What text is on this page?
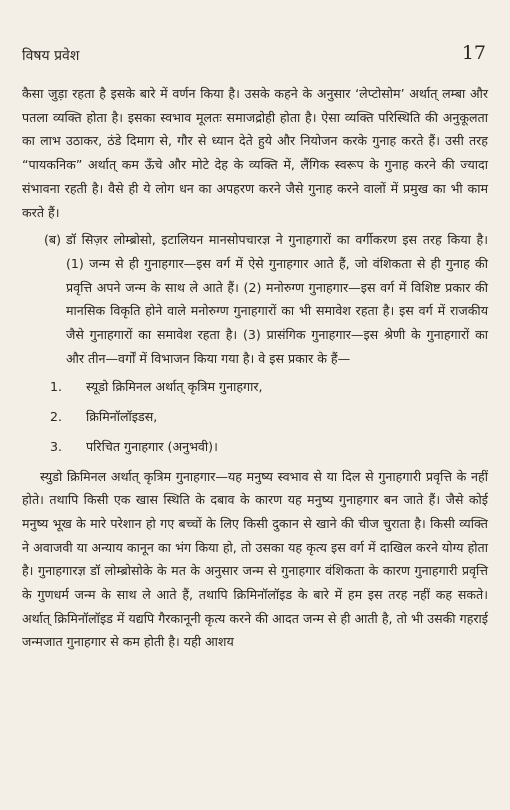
विषय प्रवेश	17

कैसा जुड़ा रहता है इसके बारे में वर्णन किया है। उसके कहने के अनुसार ‘लेप्टोसोम’ अर्थात् लम्बा और पतला व्यक्ति होता है। इसका स्वभाव मूलतः समाजद्रोही होता है। ऐसा व्यक्ति परिस्थिति की अनुकूलता का लाभ उठाकर, ठंडे दिमाग से, गौर से ध्यान देते हुये और नियोजन करके गुनाह करते हैं। उसी तरह “पायकनिक” अर्थात् कम ऊँचे और मोटे देह के व्यक्ति में, लैंगिक स्वरूप के गुनाह करने की ज्यादा संभावना रहती है। वैसे ही ये लोग धन का अपहरण करने जैसे गुनाह करने वालों में प्रमुख का भी काम करते हैं।

(ब) डॉ सिज़र लोम्ब्रोसो, इटालियन मानसोपचारज्ञ ने गुनाहगारों का वर्गीकरण इस तरह किया है। (1) जन्म से ही गुनाहगार—इस वर्ग में ऐसे गुनाहगार आते हैं, जो वंशिकता से ही गुनाह की प्रवृत्ति अपने जन्म के साथ ले आते हैं। (2) मनोरुग्ण गुनाहगार—इस वर्ग में विशिष्ट प्रकार की मानसिक विकृति होने वाले मनोरुग्ण गुनाहगारों का भी समावेश रहता है। इस वर्ग में राजकीय जैसे गुनाहगारों का समावेश रहता है। (3) प्रासंगिक गुनाहगार—इस श्रेणी के गुनाहगारों का और तीन—वर्गों में विभाजन किया गया है। वे इस प्रकार के हैं—
1.	स्यूडो क्रिमिनल अर्थात् कृत्रिम गुनाहगार,
2.	क्रिमिनॉलॉइडस,
3.	परिचित गुनाहगार (अनुभवी)।

स्युडो क्रिमिनल अर्थात् कृत्रिम गुनाहगार—यह मनुष्य स्वभाव से या दिल से गुनाहगारी प्रवृत्ति के नहीं होते। तथापि किसी एक खास स्थिति के दबाव के कारण यह मनुष्य गुनाहगार बन जाते हैं। जैसे कोई मनुष्य भूख के मारे परेशान हो गए बच्चों के लिए किसी दुकान से खाने की चीज चुराता है। किसी व्यक्ति ने अवाजवी या अन्याय कानून का भंग किया हो, तो उसका यह कृत्य इस वर्ग में दाखिल करने योग्य होता है। गुनाहगारज्ञ डॉ लोम्ब्रोसोके के मत के अनुसार जन्म से गुनाहगार वंशिकता के कारण गुनाहगारी प्रवृत्ति के गुणधर्म जन्म के साथ ले आते हैं, तथापि क्रिमिनॉलॉइड के बारे में हम इस तरह नहीं कह सकते। अर्थात् क्रिमिनॉलॉइड में यद्यपि गैरकानूनी कृत्य करने की आदत जन्म से ही आती है, तो भी उसकी गहराई जन्मजात गुनाहगार से कम होती है। यही आशय
